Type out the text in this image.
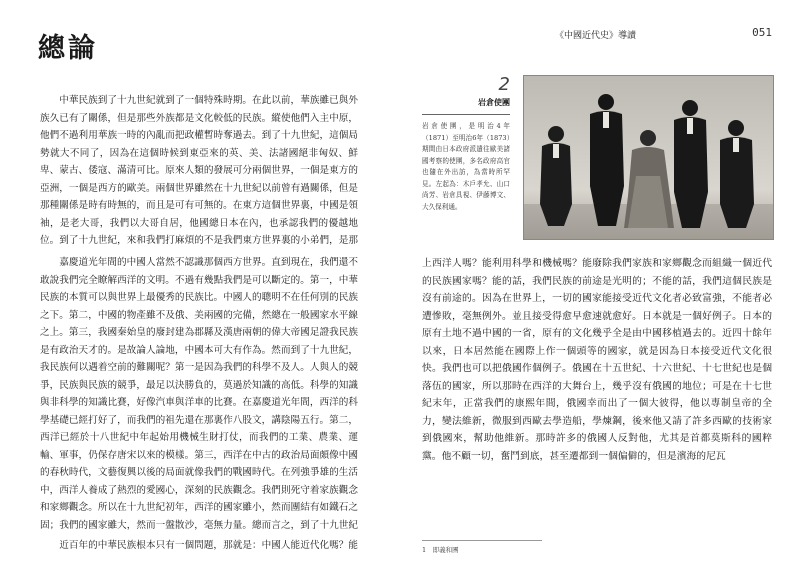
總論

中華民族到了十九世紀就到了一個特殊時期。在此以前，華族雖已與外族久已有了關係，但是那些外族都是文化較低的民族。縱使他們入主中原，他們不過利用華族一時的內亂而把政權暫時奪過去。到了十九世紀，這個局勢就大不同了，因為在這個時候到東亞來的英、美、法諸國絕非匈奴、鮮卑、蒙古、倭寇、滿清可比。原來人類的發展可分兩個世界，一個是東方的亞洲，一個是西方的歐美。兩個世界雖然在十九世紀以前曾有過關係，但是那種關係是時有時無的，而且是可有可無的。在東方這個世界裏，中國是領袖，是老大哥，我們以大哥自居，他國總日本在內，也承認我們的優越地位。到了十九世紀，來和我們打麻煩的不是我們東方世界裏的小弟們，是那

嘉慶道光年間的中國人當然不認識那個西方世界。直到現在，我們還不敢說我們完全瞭解西洋的文明。不過有幾點我們是可以斷定的。第一，中華民族的本質可以與世界上最優秀的民族比。中國人的聰明不在任何別的民族之下。第二，中國的物產雖不及俄、美兩國的完備，然總在一般國家水平線之上。第三，我國秦始皇的廢封建為郡縣及漢唐兩朝的偉大帝國足證我民族是有政治天才的。是故論人論地，中國本可大有作為。然而到了十九世紀，我民族何以遇着空前的難關呢？第一是因為我們的科學不及人。人與人的競爭，民族與民族的競爭，最足以決勝負的，莫過於知識的高低。科學的知識與非科學的知識比賽，好像汽車與洋車的比賽。在嘉慶道光年間，西洋的科學基礎已經打好了，而我們的祖先還在那裏作八股文，講陰陽五行。第二，西洋已經於十八世紀中年起始用機械生財打仗，而我們的工業、農業、運輸、軍事，仍保存唐宋以來的模樣。第三，西洋在中古的政治局面頗像中國的春秋時代，文藝復興以後的局面就像我們的戰國時代。在列強爭雄的生活中，西洋人養成了熱烈的愛國心，深刻的民族觀念。我們則死守着家族觀念和家鄉觀念。所以在十九世紀初年，西洋的國家雖小，然而團結有如鐵石之固；我們的國家雖大，然而一盤散沙，毫無力量。總而言之，到了十九世紀

近百年的中華民族根本只有一個問題，那就是：中國人能近代化嗎？能

《中國近代史》導讀	051
2
岩倉使團
岩倉使團，是明治4年（1871）至明治6年（1873）期間由日本政府派遣往歐美諸國考察的使團，多名政府高官也隨在外出訪，為當時所罕見。左起為：木戶孝允、山口尚芳、岩倉具視、伊藤博文、大久保利通。

上西洋人嗎？能利用科學和機械嗎？能廢除我們家族和家鄉觀念而組織一個近代的民族國家嗎？能的話，我們民族的前途是光明的；不能的話，我們這個民族是沒有前途的。因為在世界上，一切的國家能接受近代文化者必致富強，不能者必遭慘敗，毫無例外。並且接受得愈早愈速就愈好。日本就是一個好例子。日本的原有土地不過中國的一省，原有的文化幾乎全是由中國移植過去的。近四十餘年以來，日本居然能在國際上作一個頭等的國家，就是因為日本接受近代文化很快。我們也可以把俄國作個例子。俄國在十五世紀、十六世紀、十七世紀也是個落伍的國家，所以那時在西洋的大舞台上，幾乎沒有俄國的地位；可是在十七世紀末年，正當我們的康熙年間，俄國幸而出了一個大彼得，他以專制皇帝的全力，變法維新，微服到西歐去學造船，學煉鋼，後來他又請了許多西歐的技術家到俄國來，幫助他維新。那時許多的俄國人反對他，尤其是首都莫斯科的國粹黨。他不顧一切，奮鬥到底，甚至遷都到一個偏僻的，但是濱海的尼瓦

1　即義和團
